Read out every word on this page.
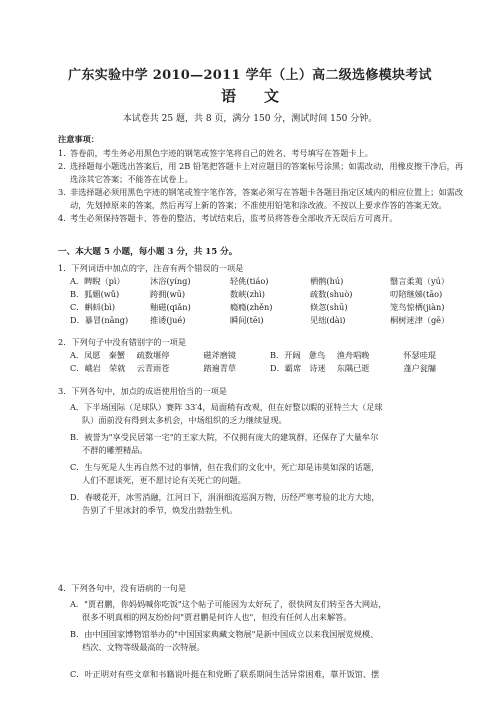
广东实验中学 2010—2011 学年（上）高二级选修模块考试
语文
本试卷共 25 题，共 8 页，满分 150 分，测试时间 150 分钟。
注意事项：
1. 答卷前，考生务必用黑色字迹的钢笔或签字笔将自己的姓名、考号填写在答题卡上。
2. 选择题每小题选出答案后，用 2B 铅笔把答题卡上对应题目的答案标号涂黑；如需改动，用橡皮擦干净后，再选涂其它答案；不能答在试卷上。
3. 非选择题必须用黑色字迹的钢笔或签字笔作答，答案必须写在答题卡各题目指定区域内的相应位置上；如需改动，先划掉原来的答案，然后再写上新的答案；不准使用铅笔和涂改液。不按以上要求作答的答案无效。
4. 考生必须保持答题卡、答卷的整洁，考试结束后，监考员将答卷全部收齐无误后方可离开。
一、本大题 5 小题，每小题 3 分，共 15 分。
1．下列词语中加点的字，注音有两个错误的一项是
A．睥睨（pì）	沐浴(yíng)	轻佻(tiáo)	栖鹘(hú)	翳言柔荑（yú）
B．狐媚(wǔ)	跨拥(wū)	数峡(zhì)	疏数(shuò)	叨陪继娣(tāo)
C．蝌蚪(bì)	釉磁(qiǎn)	瘾瘾(zhěn)	倏忽(shū)	笼鸟惊栖(jiàn)
D．暴冒(nāng)	推诿(jué)	瞬间(tēi)	见绌(dài)	桐树迷津（gē）
2．下列句子中没有错别字的一项是
A．凤愿　秦蟹	疏数堰停	磁斧磨镜	B．开阔　惫鸟	渔舟唱晚	怀瑟哇琨
C．峨岩　荣就	云青雨苍	踏遍青草	D．霸席　诗迷	东隅已逝	蓬户瓮牖
3．下列各句中，加点的成语使用恰当的一项是
A．下半场国际（足球队）赛阵 33′4，局面稍有改观，但在好整以暇的亚特兰大（足球
队）面前没有得到太多机会，中场组织的乏力继续显现。
B．被誉为"享受民居第一宅"的王家大院，不仅拥有庞大的建筑群，还保存了大量牟尔
不群的雕塑精品。
C．生与死是人生再自然不过的事情，但在我们的文化中，死亡却是讳莫如深的话题，
人们不愿谈死，更不愿讨论有关死亡的问题。
D．春暖花开，冰雪消融，江河日下，涓涓细流巡润万物，历经严寒考验的北方大地，
告别了千里冰封的季节，焕发出勃勃生机。
4．下列各句中，没有语病的一句是
A．"贾君鹏，你妈妈喊你吃饭"这个帖子可能因为太好玩了，很快网友们转至各大网站，
很多不明真相的网友纷纷问"贾君鹏是何许人也"，但没有任何人出来解答。
B．由中国国家博物馆举办的"中国国家典藏文物展"是新中国成立以来我国展览规模、
档次、文物等级最高的一次特展。
C．叶正明对有些文章和书籍说叶挺在和党断了联系期间生活异常困难，靠开饭馆、摆
